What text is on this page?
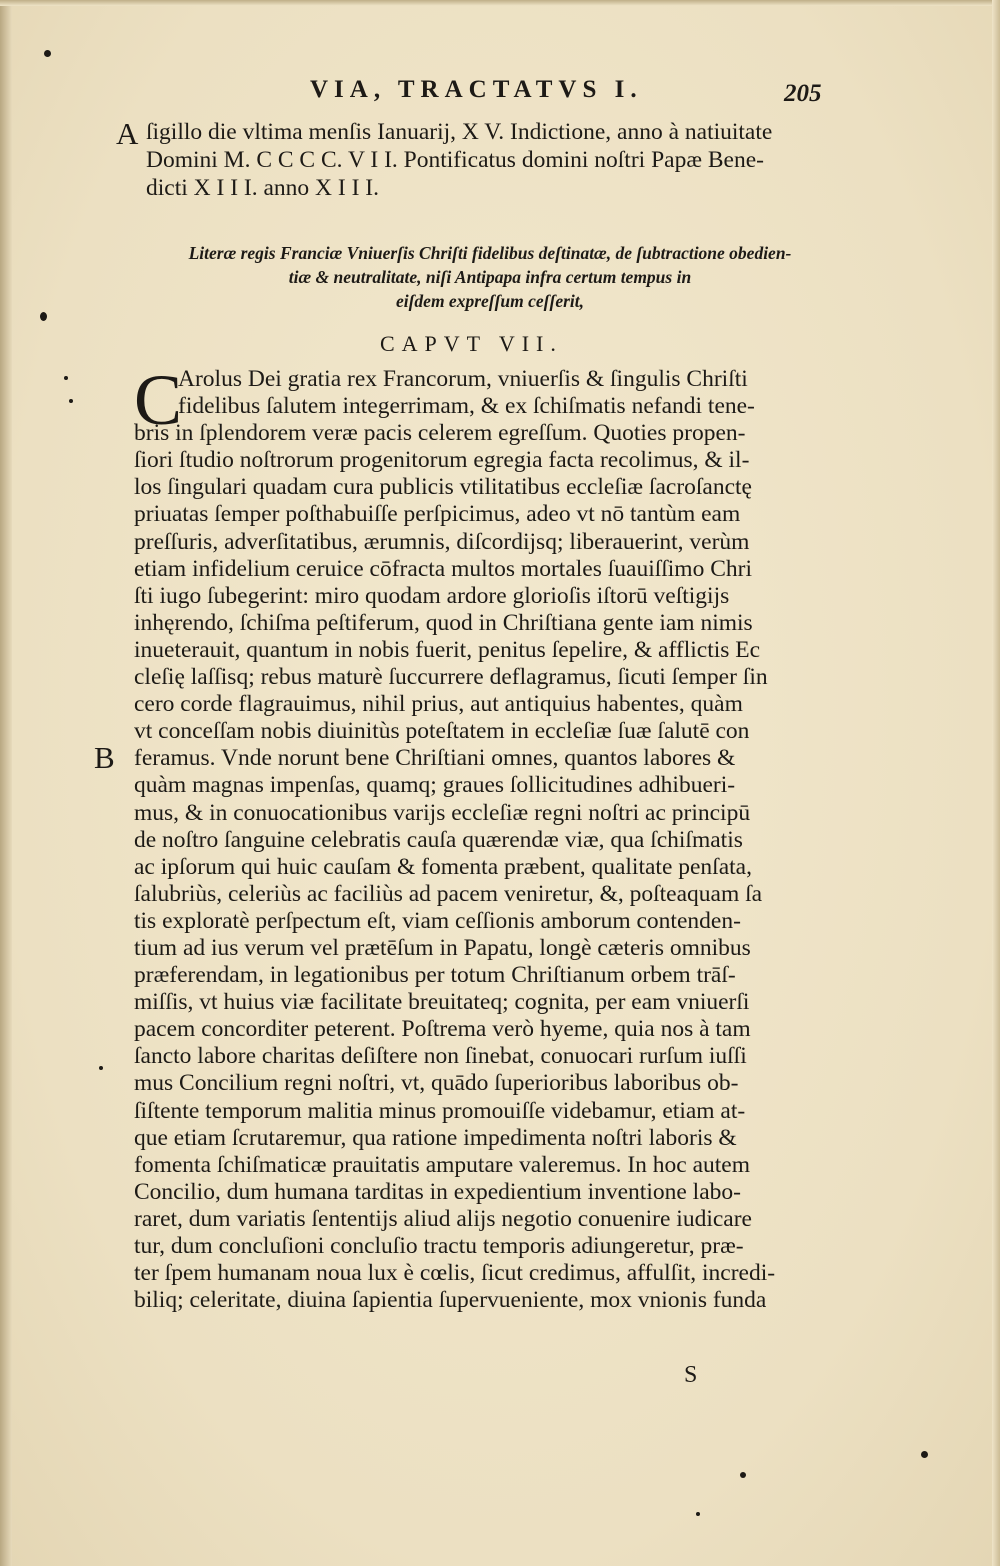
VIA, TRACTATVS I.	205
A
B
ſigillo die vltima menſis Ianuarij, X V. Indictione, anno à natiuitate
Domini M. C C C C. V I I. Pontificatus domini noſtri Papæ Bene-
dicti X I I I. anno X I I I.
Literæ regis Franciæ Vniuerſis Chriſti fidelibus deſtinatæ, de ſubtractione obedien-
tiæ & neutralitate, niſi Antipapa infra certum tempus in
eiſdem expreſſum ceſſerit,
CAPVT VII.
C
Arolus Dei gratia rex Francorum, vniuerſis & ſingulis Chriſti
fidelibus ſalutem integerrimam, & ex ſchiſmatis nefandi tene-
bris in ſplendorem veræ pacis celerem egreſſum. Quoties propen-
ſiori ſtudio noſtrorum progenitorum egregia facta recolimus, & il-
los ſingulari quadam cura publicis vtilitatibus eccleſiæ ſacroſanctę
priuatas ſemper poſthabuiſſe perſpicimus, adeo vt nō tantùm eam
preſſuris, adverſitatibus, ærumnis, diſcordijsq; liberauerint, verùm
etiam infidelium ceruice cōfracta multos mortales ſuauiſſimo Chri
ſti iugo ſubegerint: miro quodam ardore glorioſis iſtorū veſtigijs
inhęrendo, ſchiſma peſtiferum, quod in Chriſtiana gente iam nimis
inueterauit, quantum in nobis fuerit, penitus ſepelire, & afflictis Ec
cleſię laſſisq; rebus maturè ſuccurrere deflagramus, ſicuti ſemper ſin
cero corde flagrauimus, nihil prius, aut antiquius habentes, quàm
vt conceſſam nobis diuinitùs poteſtatem in eccleſiæ ſuæ ſalutē con
feramus. Vnde norunt bene Chriſtiani omnes, quantos labores &
quàm magnas impenſas, quamq; graues ſollicitudines adhibueri-
mus, & in conuocationibus varijs eccleſiæ regni noſtri ac principū
de noſtro ſanguine celebratis cauſa quærendæ viæ, qua ſchiſmatis
ac ipſorum qui huic cauſam & fomenta præbent, qualitate penſata,
ſalubriùs, celeriùs ac faciliùs ad pacem veniretur, &, poſteaquam ſa
tis exploratè perſpectum eſt, viam ceſſionis amborum contenden-
tium ad ius verum vel prætēſum in Papatu, longè cæteris omnibus
præferendam, in legationibus per totum Chriſtianum orbem trāſ-
miſſis, vt huius viæ facilitate breuitateq; cognita, per eam vniuerſi
pacem concorditer peterent. Poſtrema verò hyeme, quia nos à tam
ſancto labore charitas deſiſtere non ſinebat, conuocari rurſum iuſſi
mus Concilium regni noſtri, vt, quādo ſuperioribus laboribus ob-
ſiſtente temporum malitia minus promouiſſe videbamur, etiam at-
que etiam ſcrutaremur, qua ratione impedimenta noſtri laboris &
fomenta ſchiſmaticæ prauitatis amputare valeremus. In hoc autem
Concilio, dum humana tarditas in expedientium inventione labo-
raret, dum variatis ſententijs aliud alijs negotio conuenire iudicare
tur, dum concluſioni concluſio tractu temporis adiungeretur, præ-
ter ſpem humanam noua lux è cœlis, ſicut credimus, affulſit, incredi-
biliq; celeritate, diuina ſapientia ſupervueniente, mox vnionis funda
S
